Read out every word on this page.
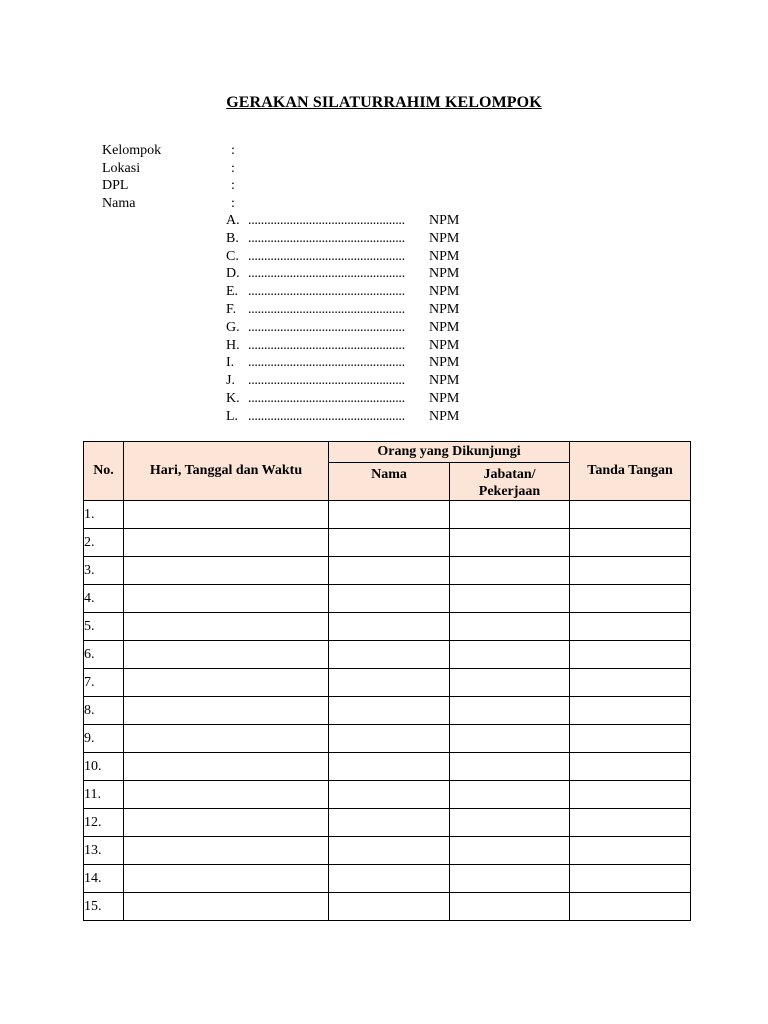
GERAKAN SILATURRAHIM KELOMPOK
Kelompok	:
Lokasi	:
DPL	:
Nama	:
A. ................................................. NPM
B. ................................................. NPM
C. ................................................. NPM
D. ................................................. NPM
E. ................................................. NPM
F. ................................................. NPM
G. ................................................. NPM
H. ................................................. NPM
I. ................................................. NPM
J. ................................................. NPM
K. ................................................. NPM
L. ................................................. NPM
No.	Hari, Tanggal dan Waktu	Orang yang Dikunjungi		Tanda Tangan
		Nama	Jabatan/
Pekerjaan	
1.				
2.				
3.				
4.				
5.				
6.				
7.				
8.				
9.				
10.				
11.				
12.				
13.				
14.				
15.				
